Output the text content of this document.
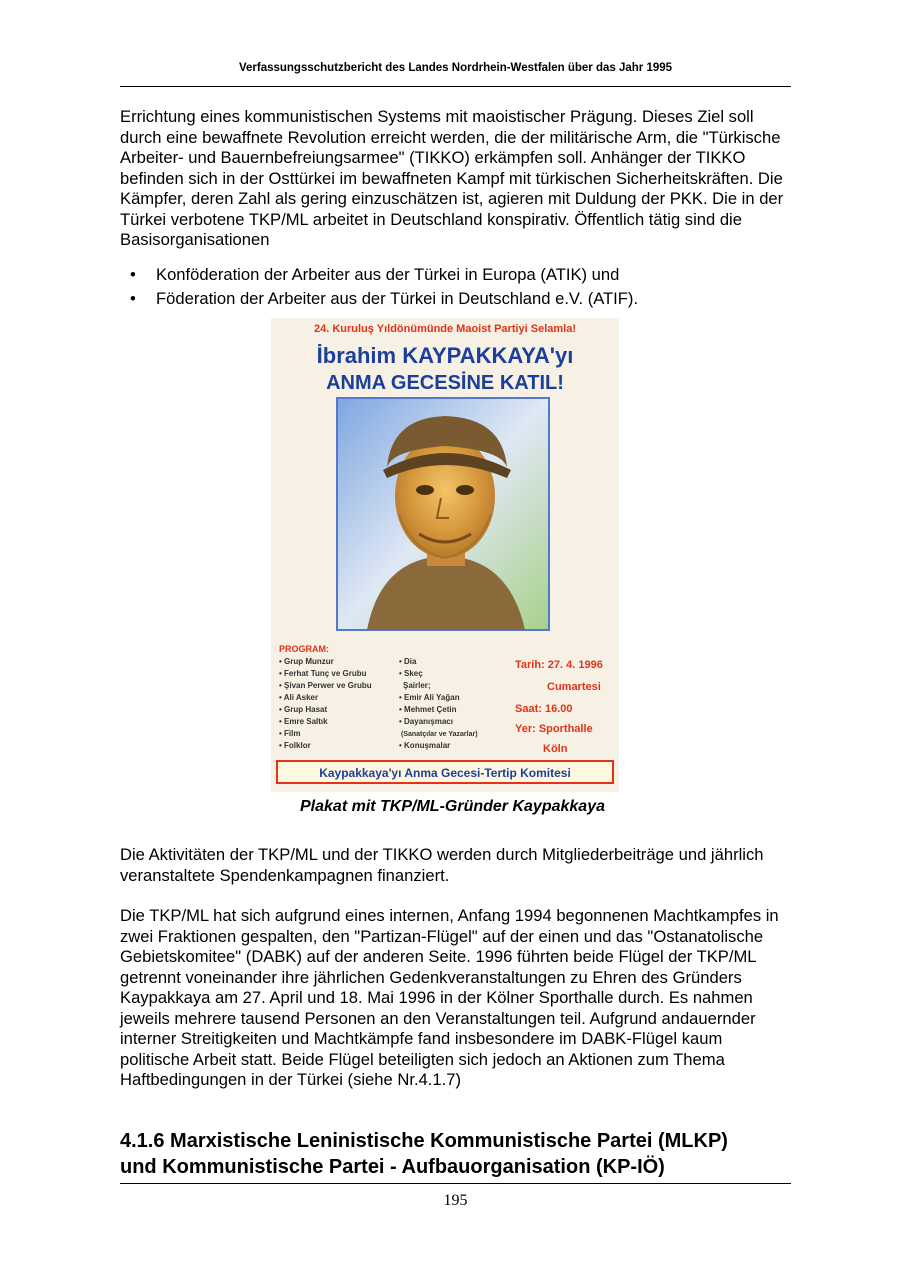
Verfassungsschutzbericht des Landes Nordrhein-Westfalen über das Jahr 1995

Errichtung eines kommunistischen Systems mit maoistischer Prägung. Dieses Ziel soll durch eine bewaffnete Revolution erreicht werden, die der militärische Arm, die "Türkische Arbeiter- und Bauernbefreiungsarmee" (TIKKO) erkämpfen soll. Anhänger der TIKKO befinden sich in der Osttürkei im bewaffneten Kampf mit türkischen Sicherheitskräften. Die Kämpfer, deren Zahl als gering einzuschätzen ist, agieren mit Duldung der PKK. Die in der Türkei verbotene TKP/ML arbeitet in Deutschland konspirativ. Öffentlich tätig sind die Basisorganisationen

• Konföderation der Arbeiter aus der Türkei in Europa (ATIK) und
• Föderation der Arbeiter aus der Türkei in Deutschland e.V. (ATIF).
24. Kuruluş Yıldönümünde Maoist Partiyi Selamla!
İbrahim KAYPAKKAYA'yı
ANMA GECESİNE KATIL!
PROGRAM:
• Grup Munzur
• Ferhat Tunç ve Grubu
• Şivan Perwer ve Grubu
• Ali Asker
• Grup Hasat
• Emre Saltık
• Film
• Folklor
• Dia
• Skeç
Şairler;
• Emir Ali Yağan
• Mehmet Çetin
• Dayanışmacı
(Sanatçılar ve Yazarlar)
• Konuşmalar
Tarih: 27. 4. 1996
Cumartesi
Saat: 16.00
Yer: Sporthalle
Köln
Kaypakkaya'yı Anma Gecesi-Tertip Komitesi
Plakat mit TKP/ML-Gründer Kaypakkaya

Die Aktivitäten der TKP/ML und der TIKKO werden durch Mitgliederbeiträge und jährlich veranstaltete Spendenkampagnen finanziert.

Die TKP/ML hat sich aufgrund eines internen, Anfang 1994 begonnenen Machtkampfes in zwei Fraktionen gespalten, den "Partizan-Flügel" auf der einen und das "Ostanatolische Gebietskomitee" (DABK) auf der anderen Seite. 1996 führten beide Flügel der TKP/ML getrennt voneinander ihre jährlichen Gedenkveranstaltungen zu Ehren des Gründers Kaypakkaya am 27. April und 18. Mai 1996 in der Kölner Sporthalle durch. Es nahmen jeweils mehrere tausend Personen an den Veranstaltungen teil. Aufgrund andauernder interner Streitigkeiten und Machtkämpfe fand insbesondere im DABK-Flügel kaum politische Arbeit statt. Beide Flügel beteiligten sich jedoch an Aktionen zum Thema Haftbedingungen in der Türkei (siehe Nr.4.1.7)

4.1.6 Marxistische Leninistische Kommunistische Partei (MLKP)
und Kommunistische Partei - Aufbauorganisation (KP-IÖ)
195
